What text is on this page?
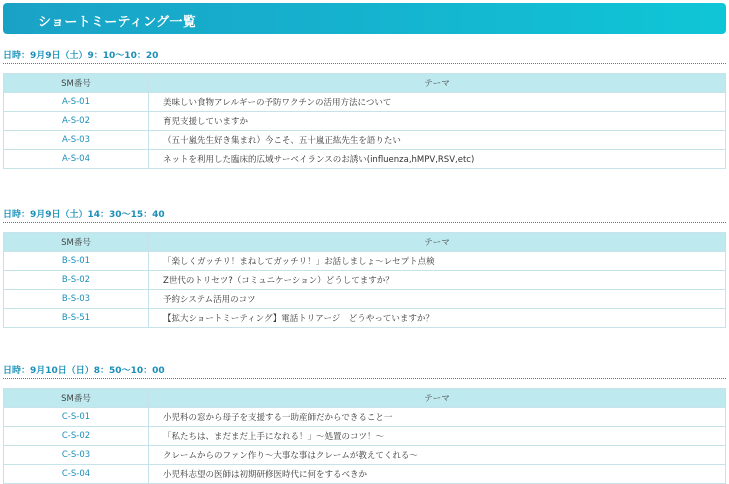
ショートミーティング一覧
日時：9月9日（土）9：10〜10：20
SM番号	テーマ
A-S-01	美味しい食物アレルギーの予防ワクチンの活用方法について
A-S-02	育児支援していますか
A-S-03	（五十嵐先生好き集まれ）今こそ、五十嵐正紘先生を語りたい
A-S-04	ネットを利用した臨床的広域サーベイランスのお誘い(influenza,hMPV,RSV,etc)
日時：9月9日（土）14：30〜15：40
SM番号	テーマ
B-S-01	「楽しくガッチリ！まねしてガッチリ！」お話しましょ〜レセプト点検
B-S-02	Z世代のトリセツ?（コミュニケーション）どうしてますか？
B-S-03	予約システム活用のコツ
B-S-51	【拡大ショートミーティング】電話トリアージ　どうやっていますか？
日時：9月10日（日）8：50〜10：00
SM番号	テーマ
C-S-01	小児科の窓から母子を支援する一助産師だからできること一
C-S-02	「私たちは、まだまだ上手になれる！」〜処置のコツ！〜
C-S-03	クレームからのファン作り〜大事な事はクレームが教えてくれる〜
C-S-04	小児科志望の医師は初期研修医時代に何をするべきか
